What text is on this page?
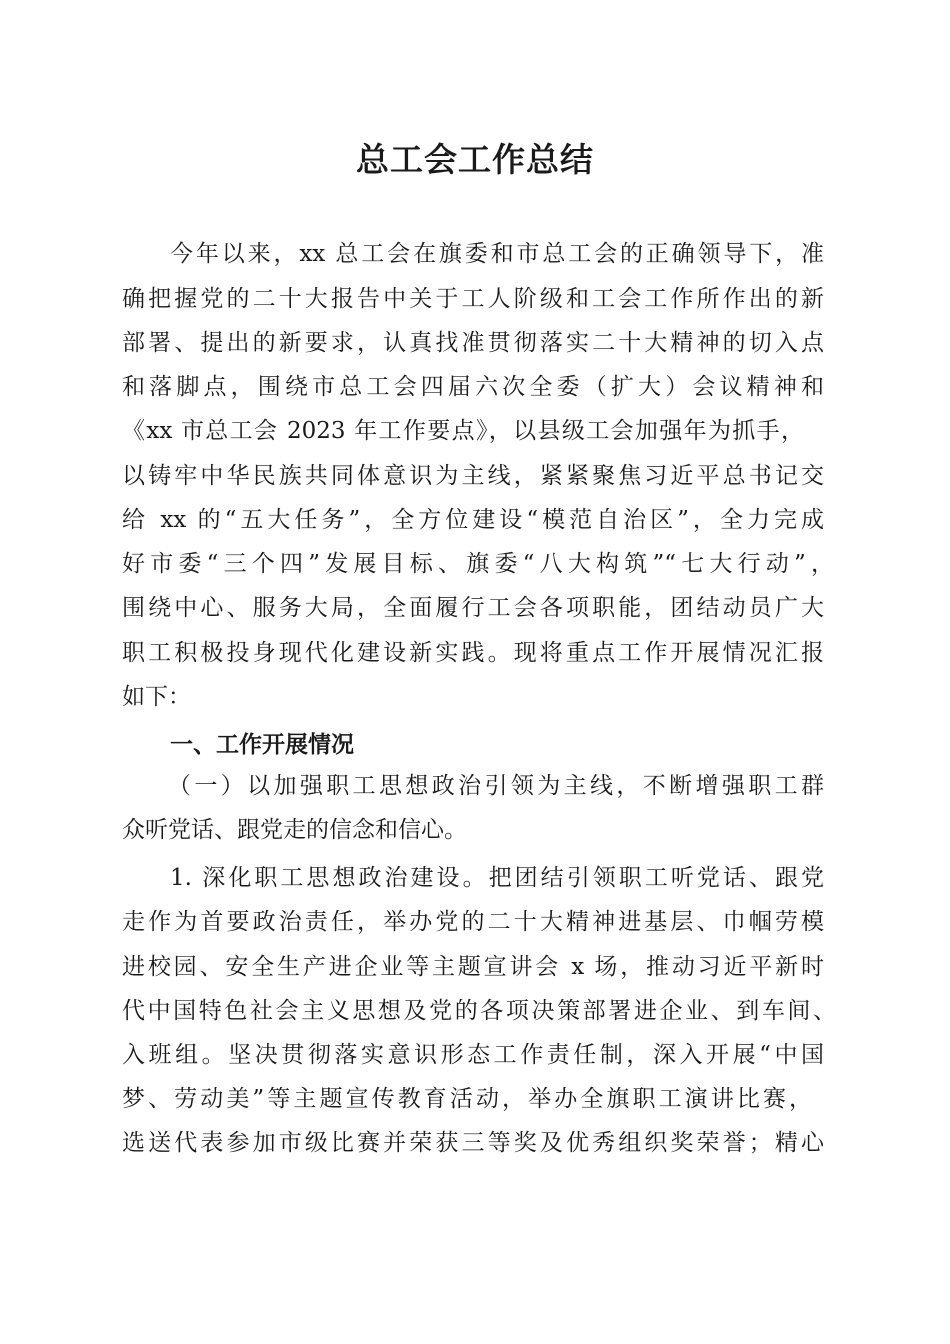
总工会工作总结
今年以来，xx 总工会在旗委和市总工会的正确领导下，准
确把握党的二十大报告中关于工人阶级和工会工作所作出的新
部署、提出的新要求，认真找准贯彻落实二十大精神的切入点
和落脚点，围绕市总工会四届六次全委（扩大）会议精神和
《xx 市总工会 2023 年工作要点》，以县级工会加强年为抓手，
以铸牢中华民族共同体意识为主线，紧紧聚焦习近平总书记交
给 xx 的“五大任务”，全方位建设“模范自治区”，全力完成
好市委“三个四”发展目标、旗委“八大构筑”“七大行动”，
围绕中心、服务大局，全面履行工会各项职能，团结动员广大
职工积极投身现代化建设新实践。现将重点工作开展情况汇报
如下：
一、工作开展情况
（一）以加强职工思想政治引领为主线，不断增强职工群
众听党话、跟党走的信念和信心。
1. 深化职工思想政治建设。把团结引领职工听党话、跟党
走作为首要政治责任，举办党的二十大精神进基层、巾帼劳模
进校园、安全生产进企业等主题宣讲会 x 场，推动习近平新时
代中国特色社会主义思想及党的各项决策部署进企业、到车间、
入班组。坚决贯彻落实意识形态工作责任制，深入开展“中国
梦、劳动美”等主题宣传教育活动，举办全旗职工演讲比赛，
选送代表参加市级比赛并荣获三等奖及优秀组织奖荣誉；精心
